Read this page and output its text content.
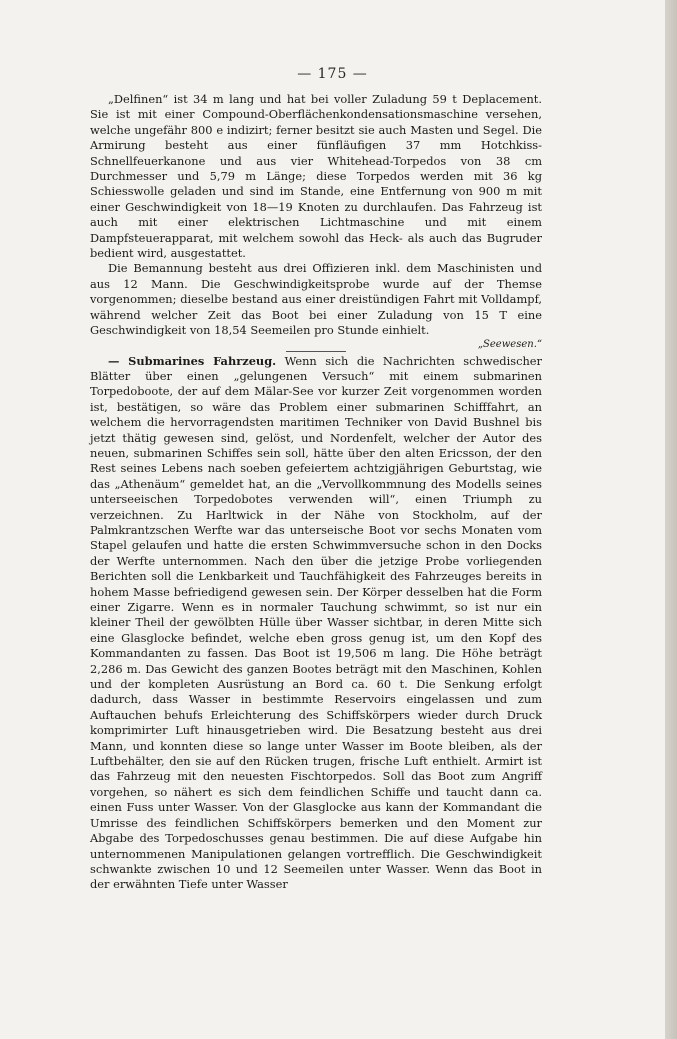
— 175 —

„Delfinen“ ist 34 m lang und hat bei voller Zuladung 59 t Deplacement. Sie ist mit einer Compound-Oberflächenkondensationsmaschine versehen, welche ungefähr 800 e indizirt; ferner besitzt sie auch Masten und Segel. Die Armirung besteht aus einer fünfläufigen 37 mm Hotchkiss-Schnellfeuerkanone und aus vier Whitehead-Torpedos von 38 cm Durchmesser und 5,79 m Länge; diese Torpedos werden mit 36 kg Schiesswolle geladen und sind im Stande, eine Entfernung von 900 m mit einer Geschwindigkeit von 18—19 Knoten zu durchlaufen. Das Fahrzeug ist auch mit einer elektrischen Lichtmaschine und mit einem Dampfsteuerapparat, mit welchem sowohl das Heck- als auch das Bugruder bedient wird, ausgestattet.

Die Bemannung besteht aus drei Offizieren inkl. dem Maschinisten und aus 12 Mann. Die Geschwindigkeitsprobe wurde auf der Themse vorgenommen; dieselbe bestand aus einer dreistündigen Fahrt mit Volldampf, während welcher Zeit das Boot bei einer Zuladung von 15 T eine Geschwindigkeit von 18,54 Seemeilen pro Stunde einhielt.

„Seewesen.“

— Submarines Fahrzeug. Wenn sich die Nachrichten schwedischer Blätter über einen „gelungenen Versuch“ mit einem submarinen Torpedoboote, der auf dem Mälar-See vor kurzer Zeit vorgenommen worden ist, bestätigen, so wäre das Problem einer submarinen Schifffahrt, an welchem die hervorragendsten maritimen Techniker von David Bushnel bis jetzt thätig gewesen sind, gelöst, und Nordenfelt, welcher der Autor des neuen, submarinen Schiffes sein soll, hätte über den alten Ericsson, der den Rest seines Lebens nach soeben gefeiertem achtzigjährigen Geburtstag, wie das „Athenäum“ gemeldet hat, an die „Vervollkommnung des Modells seines unterseeischen Torpedobotes verwenden will“, einen Triumph zu verzeichnen. Zu Harltwick in der Nähe von Stockholm, auf der Palmkrantzschen Werfte war das unterseische Boot vor sechs Monaten vom Stapel gelaufen und hatte die ersten Schwimmversuche schon in den Docks der Werfte unternommen. Nach den über die jetzige Probe vorliegenden Berichten soll die Lenkbarkeit und Tauchfähigkeit des Fahrzeuges bereits in hohem Masse befriedigend gewesen sein. Der Körper desselben hat die Form einer Zigarre. Wenn es in normaler Tauchung schwimmt, so ist nur ein kleiner Theil der gewölbten Hülle über Wasser sichtbar, in deren Mitte sich eine Glasglocke befindet, welche eben gross genug ist, um den Kopf des Kommandanten zu fassen. Das Boot ist 19,506 m lang. Die Höhe beträgt 2,286 m. Das Gewicht des ganzen Bootes beträgt mit den Maschinen, Kohlen und der kompleten Ausrüstung an Bord ca. 60 t. Die Senkung erfolgt dadurch, dass Wasser in bestimmte Reservoirs eingelassen und zum Auftauchen behufs Erleichterung des Schiffskörpers wieder durch Druck komprimirter Luft hinausgetrieben wird. Die Besatzung besteht aus drei Mann, und konnten diese so lange unter Wasser im Boote bleiben, als der Luftbehälter, den sie auf den Rücken trugen, frische Luft enthielt. Armirt ist das Fahrzeug mit den neuesten Fischtorpedos. Soll das Boot zum Angriff vorgehen, so nähert es sich dem feindlichen Schiffe und taucht dann ca. einen Fuss unter Wasser. Von der Glasglocke aus kann der Kommandant die Umrisse des feindlichen Schiffskörpers bemerken und den Moment zur Abgabe des Torpedoschusses genau bestimmen. Die auf diese Aufgabe hin unternommenen Manipulationen gelangen vortrefflich. Die Geschwindigkeit schwankte zwischen 10 und 12 Seemeilen unter Wasser. Wenn das Boot in der erwähnten Tiefe unter Wasser
